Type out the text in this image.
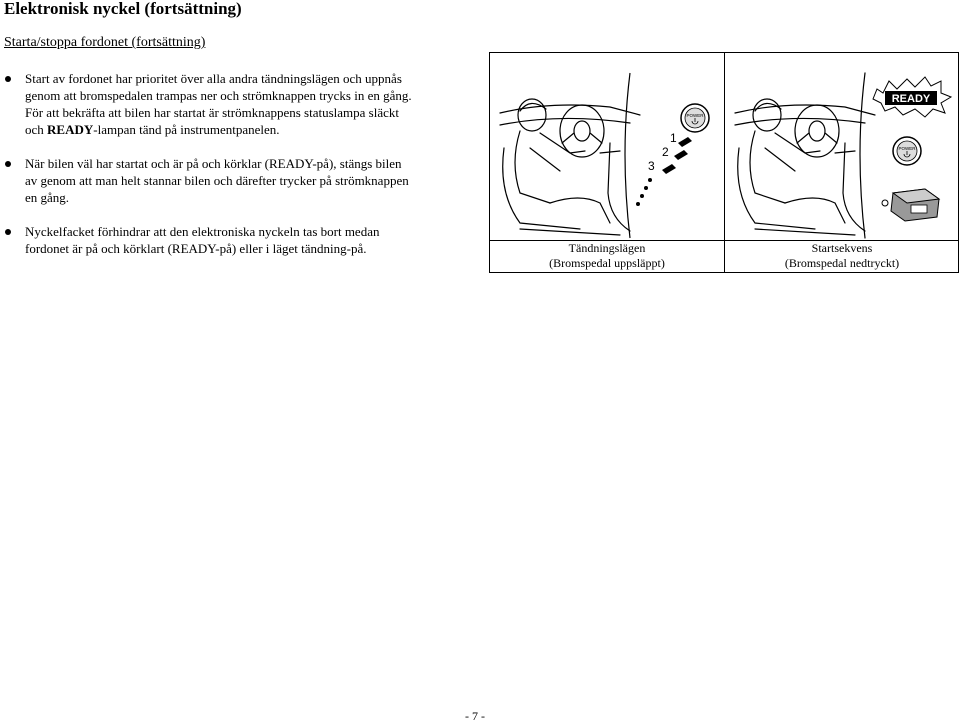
Elektronisk nyckel (fortsättning)
Starta/stoppa fordonet (fortsättning)
Start av fordonet har prioritet över alla andra tändningslägen och uppnås
genom att bromspedalen trampas ner och strömknappen trycks in en gång.
För att bekräfta att bilen har startat är strömknappens statuslampa släckt
och READY-lampan tänd på instrumentpanelen.
När bilen väl har startat och är på och körklar (READY-på), stängs bilen
av genom att man helt stannar bilen och därefter trycker på strömknappen
en gång.
Nyckelfacket förhindrar att den elektroniska nyckeln tas bort medan
fordonet är på och körklart (READY-på) eller i läget tändning-på.
POWER
1
2
3
READY
POWER
Tändningslägen
(Bromspedal uppsläppt)
Startsekvens
(Bromspedal nedtryckt)
- 7 -
